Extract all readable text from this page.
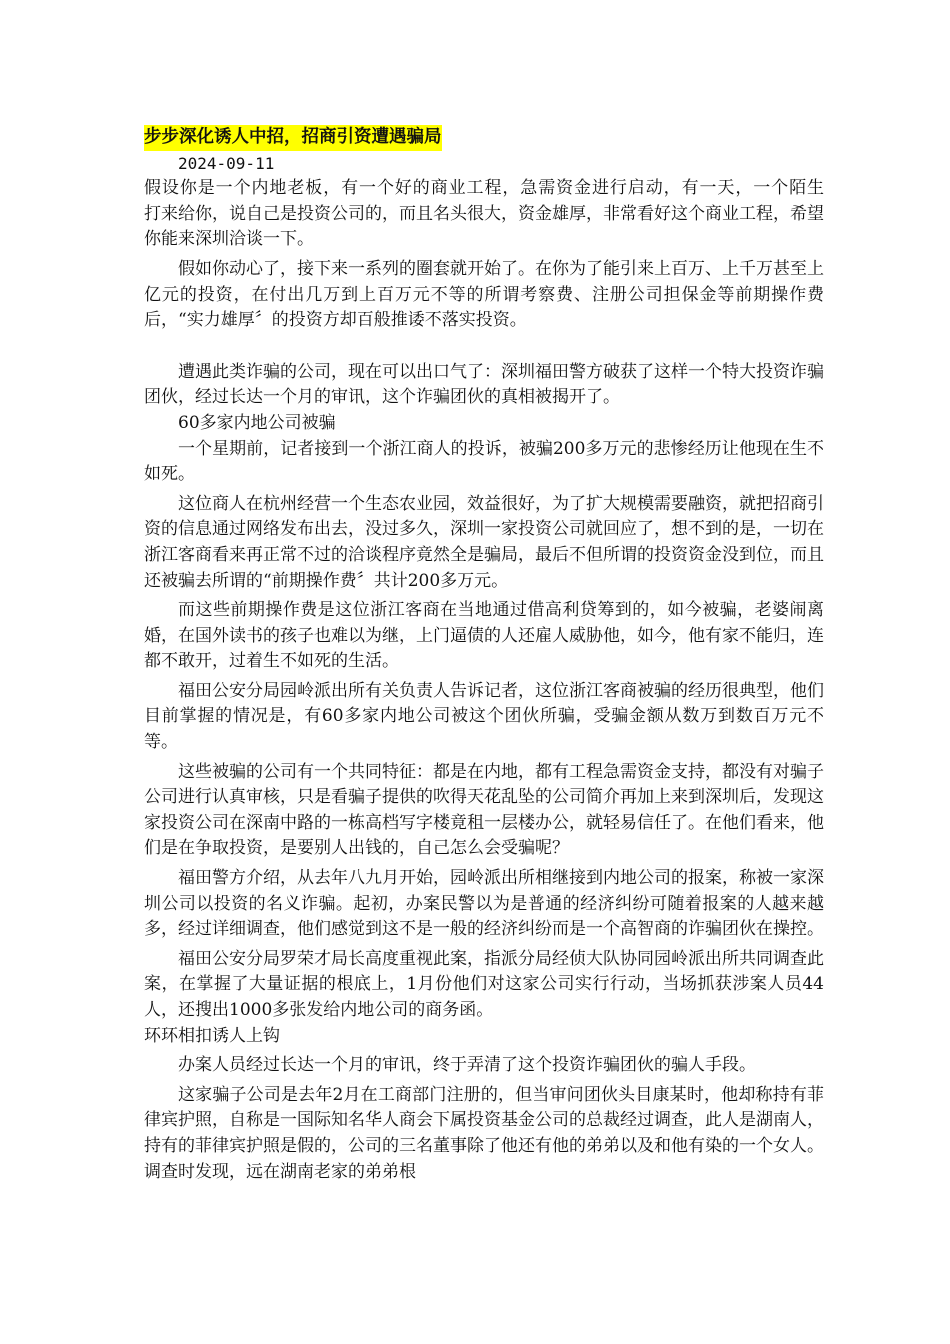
步步深化诱人中招，招商引资遭遇骗局
2024-09-11

假设你是一个内地老板，有一个好的商业工程，急需资金进行启动，有一天，一个陌生　　打来给你，说自己是投资公司的，而且名头很大，资金雄厚，非常看好这个商业工程，希望你能来深圳洽谈一下。

假如你动心了，接下来一系列的圈套就开始了。在你为了能引来上百万、上千万甚至上亿元的投资，在付出几万到上百万元不等的所谓考察费、注册公司担保金等前期操作费后，“实力雄厚〞的投资方却百般推诿不落实投资。

遭遇此类诈骗的公司，现在可以出口气了：深圳福田警方破获了这样一个特大投资诈骗团伙，经过长达一个月的审讯，这个诈骗团伙的真相被揭开了。

60多家内地公司被骗

一个星期前，记者接到一个浙江商人的投诉，被骗200多万元的悲惨经历让他现在生不如死。

这位商人在杭州经营一个生态农业园，效益很好，为了扩大规模需要融资，就把招商引资的信息通过网络发布出去，没过多久，深圳一家投资公司就回应了，想不到的是，一切在浙江客商看来再正常不过的洽谈程序竟然全是骗局，最后不但所谓的投资资金没到位，而且还被骗去所谓的“前期操作费〞共计200多万元。

而这些前期操作费是这位浙江客商在当地通过借高利贷筹到的，如今被骗，老婆闹离婚，在国外读书的孩子也难以为继，上门逼债的人还雇人威胁他，如今，他有家不能归，连　　都不敢开，过着生不如死的生活。

福田公安分局园岭派出所有关负责人告诉记者，这位浙江客商被骗的经历很典型，他们目前掌握的情况是，有60多家内地公司被这个团伙所骗，受骗金额从数万到数百万元不等。

这些被骗的公司有一个共同特征：都是在内地，都有工程急需资金支持，都没有对骗子公司进行认真审核，只是看骗子提供的吹得天花乱坠的公司简介再加上来到深圳后，发现这家投资公司在深南中路的一栋高档写字楼竟租一层楼办公，就轻易信任了。在他们看来，他们是在争取投资，是要别人出钱的，自己怎么会受骗呢？

福田警方介绍，从去年八九月开始，园岭派出所相继接到内地公司的报案，称被一家深圳公司以投资的名义诈骗。起初，办案民警以为是普通的经济纠纷可随着报案的人越来越多，经过详细调查，他们感觉到这不是一般的经济纠纷而是一个高智商的诈骗团伙在操控。

福田公安分局罗荣才局长高度重视此案，指派分局经侦大队协同园岭派出所共同调查此案，在掌握了大量证据的根底上，1月份他们对这家公司实行行动，当场抓获涉案人员44人，还搜出1000多张发给内地公司的商务函。

环环相扣诱人上钩

办案人员经过长达一个月的审讯，终于弄清了这个投资诈骗团伙的骗人手段。

这家骗子公司是去年2月在工商部门注册的，但当审问团伙头目康某时，他却称持有菲律宾护照，自称是一国际知名华人商会下属投资基金公司的总裁经过调查，此人是湖南人，持有的菲律宾护照是假的，公司的三名董事除了他还有他的弟弟以及和他有染的一个女人。调查时发现，远在湖南老家的弟弟根
